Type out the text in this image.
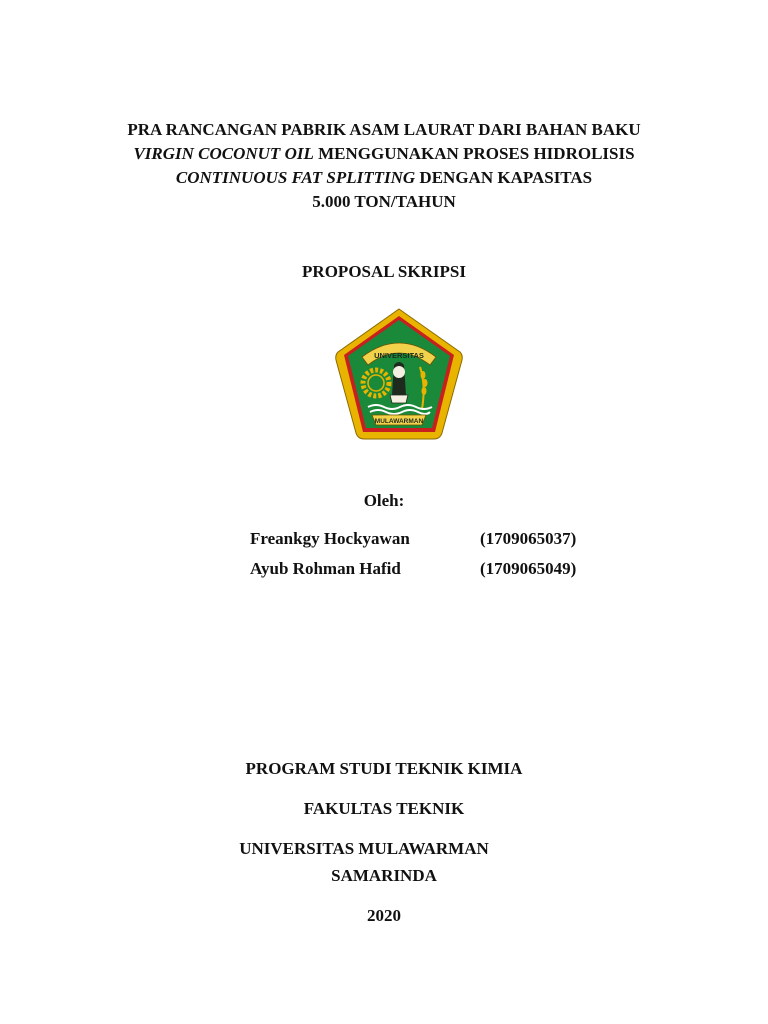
PRA RANCANGAN PABRIK ASAM LAURAT DARI BAHAN BAKU
VIRGIN COCONUT OIL MENGGUNAKAN PROSES HIDROLISIS
CONTINUOUS FAT SPLITTING DENGAN KAPASITAS
5.000 TON/TAHUN
PROPOSAL SKRIPSI
UNIVERSITAS
MULAWARMAN
Oleh:
Freankgy Hockyawan	(1709065037)
Ayub Rohman Hafid	(1709065049)
PROGRAM STUDI TEKNIK KIMIA
FAKULTAS TEKNIK
UNIVERSITAS MULAWARMAN
SAMARINDA
2020
